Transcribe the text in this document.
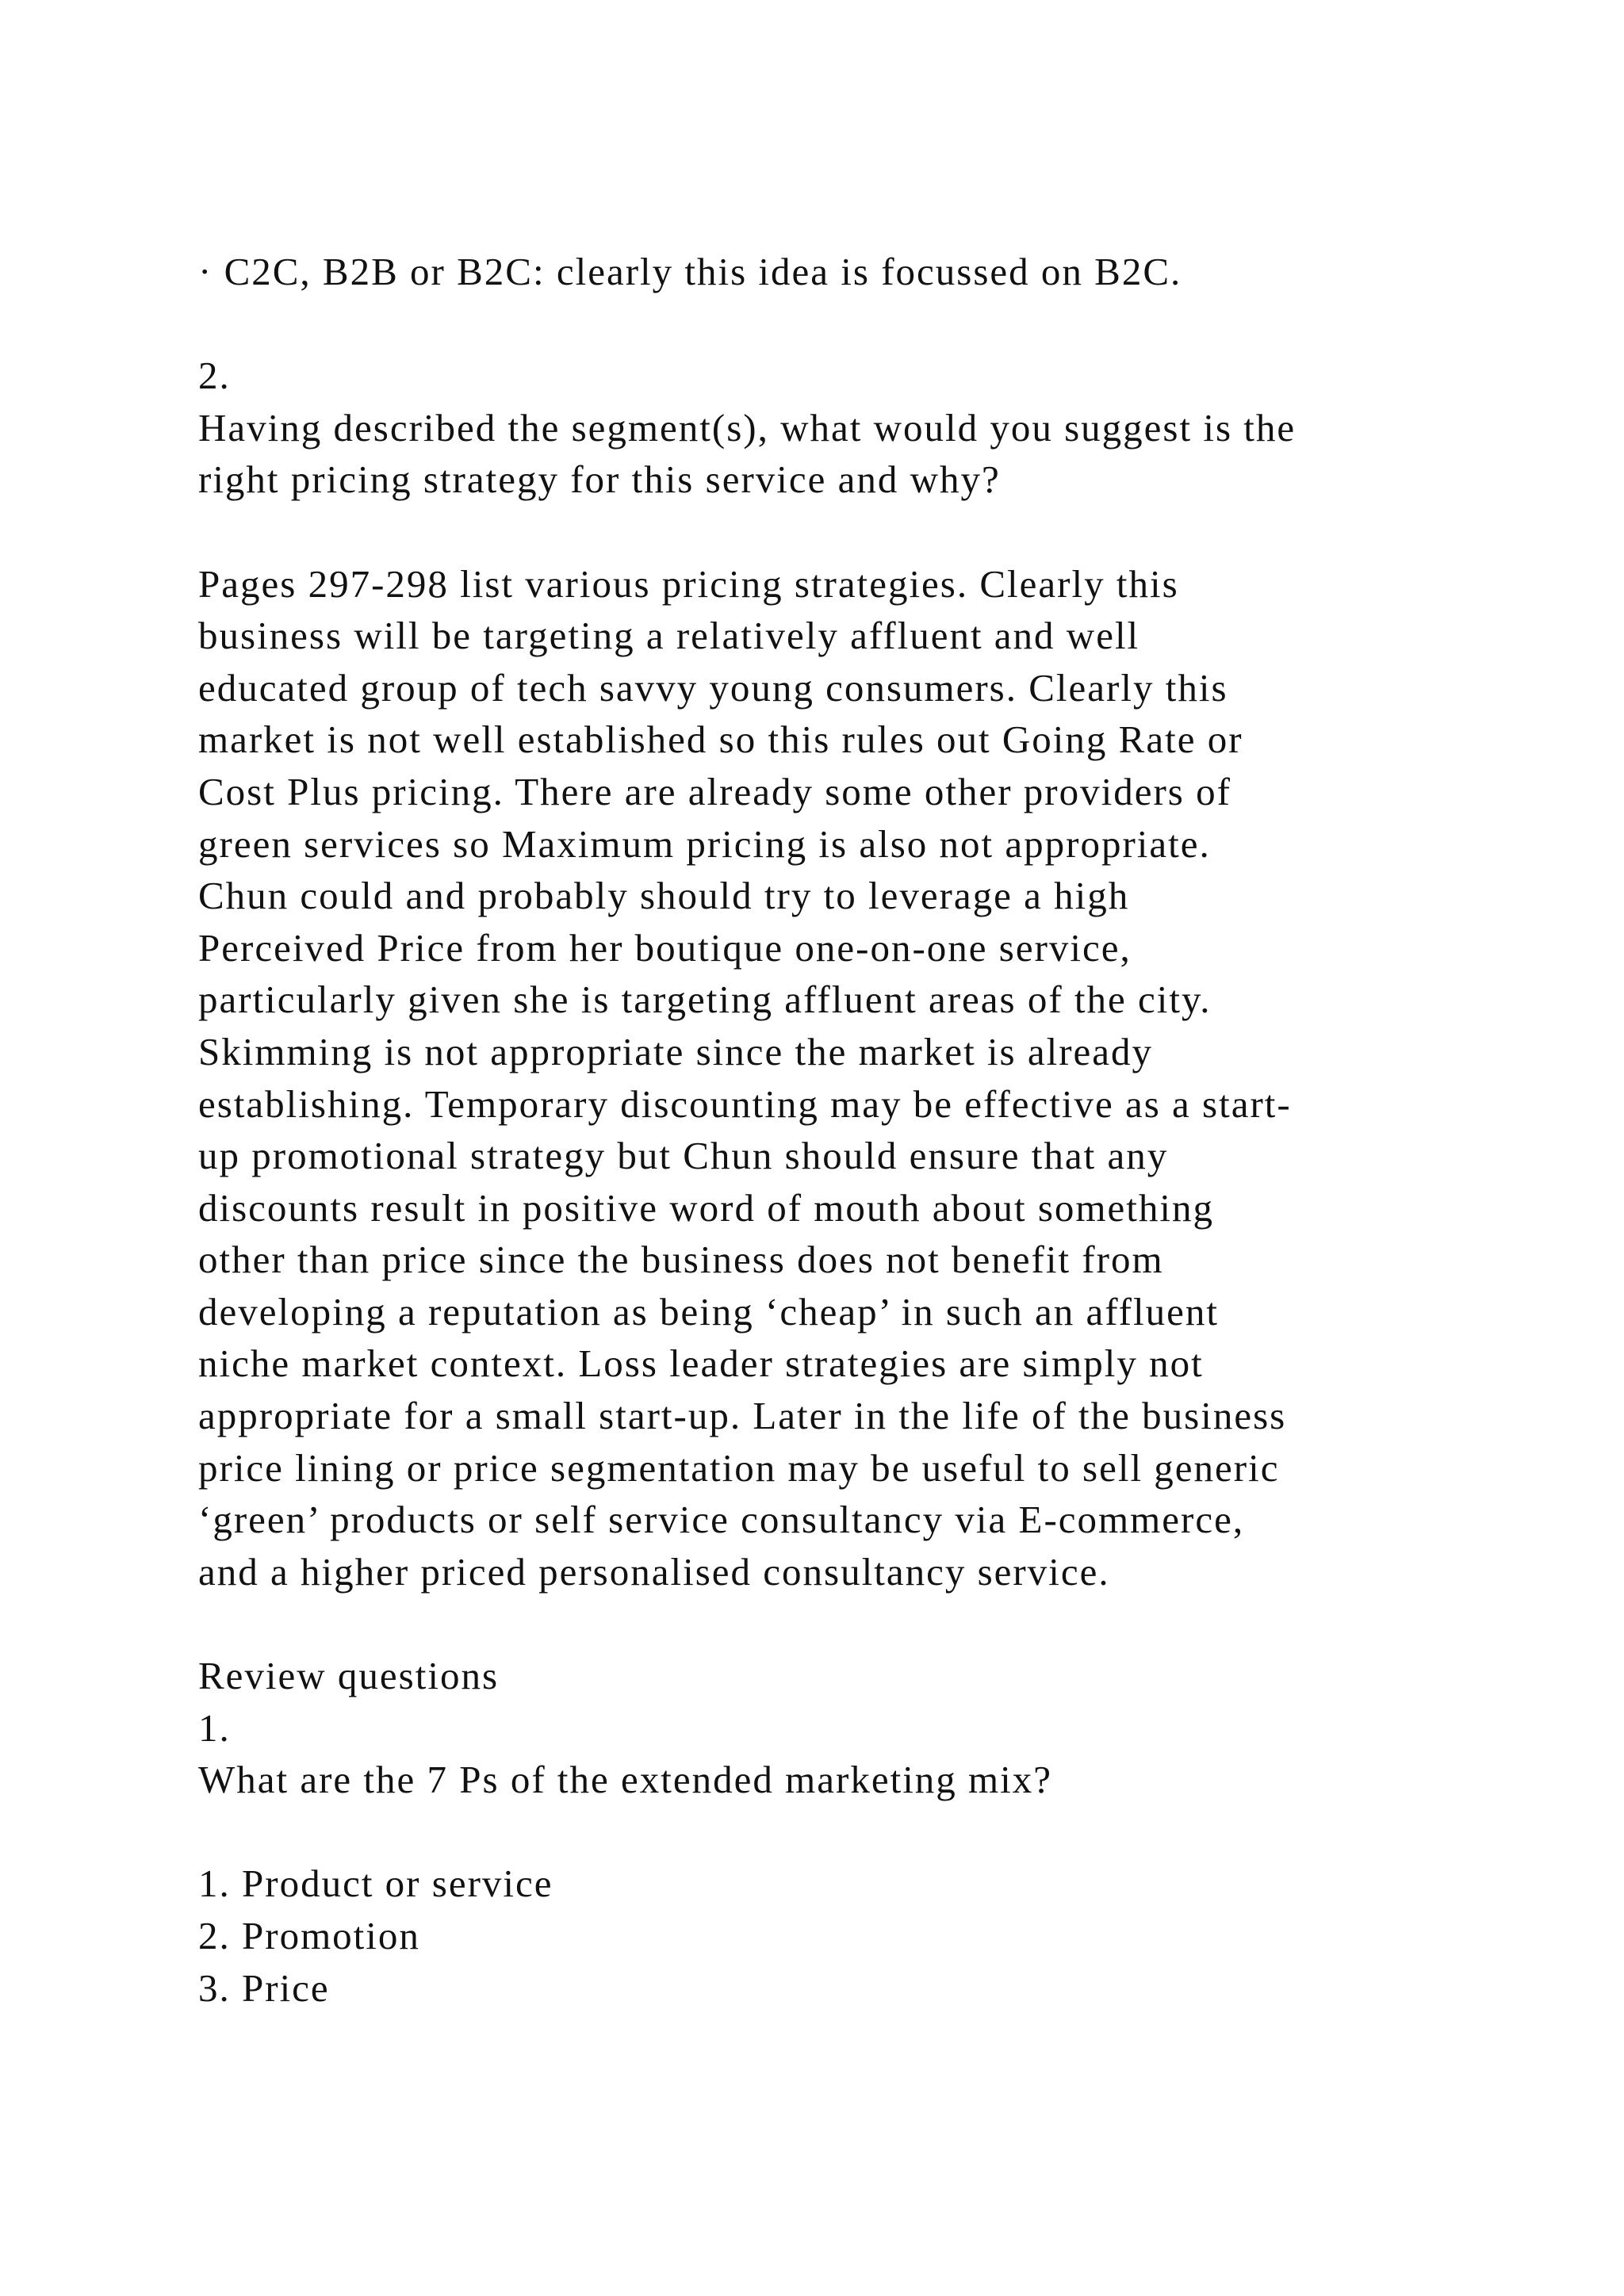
· C2C, B2B or B2C: clearly this idea is focussed on B2C.
2.
Having described the segment(s), what would you suggest is the
right pricing strategy for this service and why?
Pages 297-298 list various pricing strategies. Clearly this
business will be targeting a relatively affluent and well
educated group of tech savvy young consumers. Clearly this
market is not well established so this rules out Going Rate or
Cost Plus pricing. There are already some other providers of
green services so Maximum pricing is also not appropriate.
Chun could and probably should try to leverage a high
Perceived Price from her boutique one-on-one service,
particularly given she is targeting affluent areas of the city.
Skimming is not appropriate since the market is already
establishing. Temporary discounting may be effective as a start-
up promotional strategy but Chun should ensure that any
discounts result in positive word of mouth about something
other than price since the business does not benefit from
developing a reputation as being ‘cheap’ in such an affluent
niche market context. Loss leader strategies are simply not
appropriate for a small start-up. Later in the life of the business
price lining or price segmentation may be useful to sell generic
‘green’ products or self service consultancy via E-commerce,
and a higher priced personalised consultancy service.
Review questions
1.
What are the 7 Ps of the extended marketing mix?
1. Product or service
2. Promotion
3. Price
